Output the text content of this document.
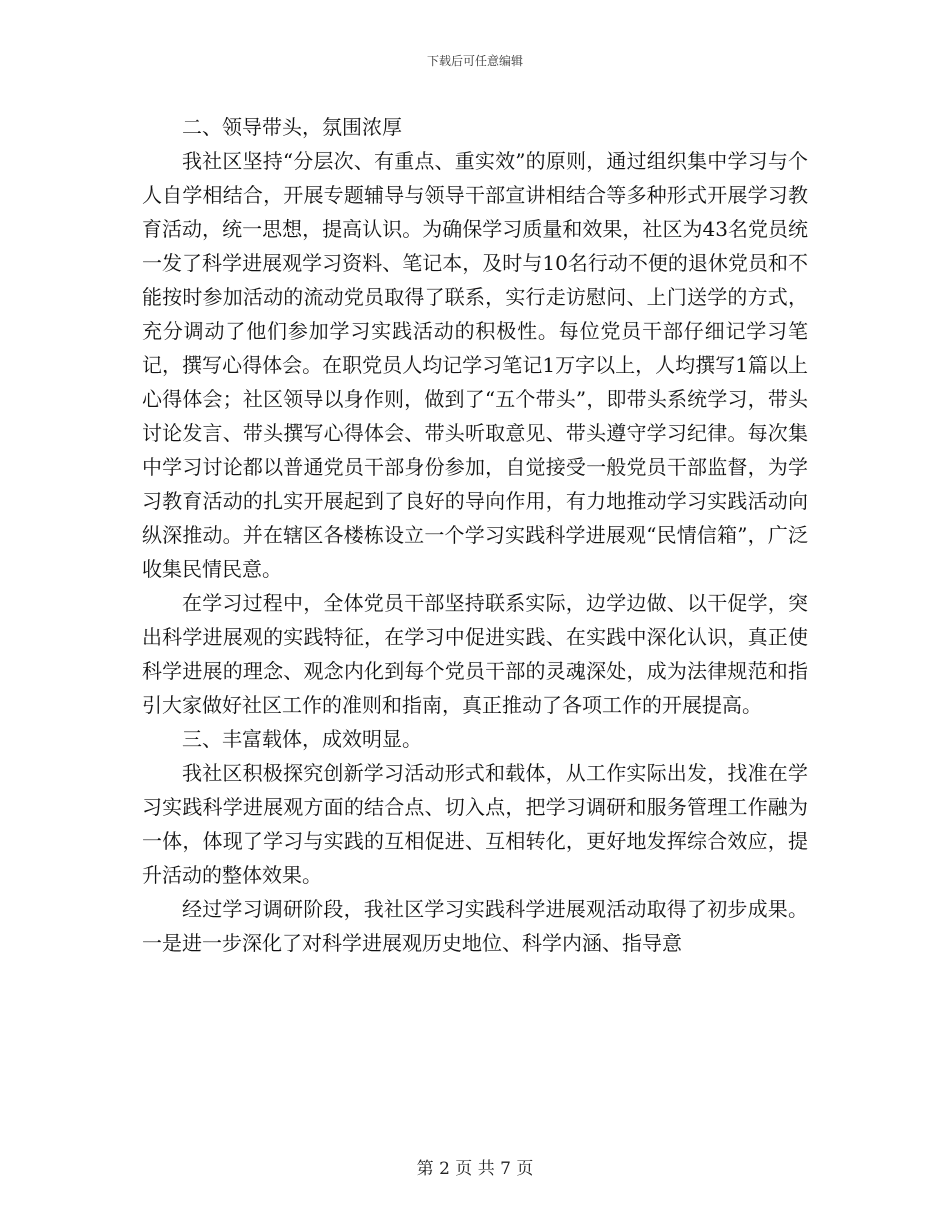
下载后可任意编辑

二、领导带头，氛围浓厚

我社区坚持“分层次、有重点、重实效”的原则，通过组织集中学习与个人自学相结合，开展专题辅导与领导干部宣讲相结合等多种形式开展学习教育活动，统一思想，提高认识。为确保学习质量和效果，社区为43名党员统一发了科学进展观学习资料、笔记本，及时与10名行动不便的退休党员和不能按时参加活动的流动党员取得了联系，实行走访慰问、上门送学的方式，充分调动了他们参加学习实践活动的积极性。每位党员干部仔细记学习笔记，撰写心得体会。在职党员人均记学习笔记1万字以上，人均撰写1篇以上心得体会；社区领导以身作则，做到了“五个带头”，即带头系统学习，带头讨论发言、带头撰写心得体会、带头听取意见、带头遵守学习纪律。每次集中学习讨论都以普通党员干部身份参加，自觉接受一般党员干部监督，为学习教育活动的扎实开展起到了良好的导向作用，有力地推动学习实践活动向纵深推动。并在辖区各楼栋设立一个学习实践科学进展观“民情信箱”，广泛收集民情民意。

在学习过程中，全体党员干部坚持联系实际，边学边做、以干促学，突出科学进展观的实践特征，在学习中促进实践、在实践中深化认识，真正使科学进展的理念、观念内化到每个党员干部的灵魂深处，成为法律规范和指引大家做好社区工作的准则和指南，真正推动了各项工作的开展提高。

三、丰富载体，成效明显。

我社区积极探究创新学习活动形式和载体，从工作实际出发，找准在学习实践科学进展观方面的结合点、切入点，把学习调研和服务管理工作融为一体，体现了学习与实践的互相促进、互相转化，更好地发挥综合效应，提升活动的整体效果。

经过学习调研阶段，我社区学习实践科学进展观活动取得了初步成果。一是进一步深化了对科学进展观历史地位、科学内涵、指导意

第 2 页 共 7 页
